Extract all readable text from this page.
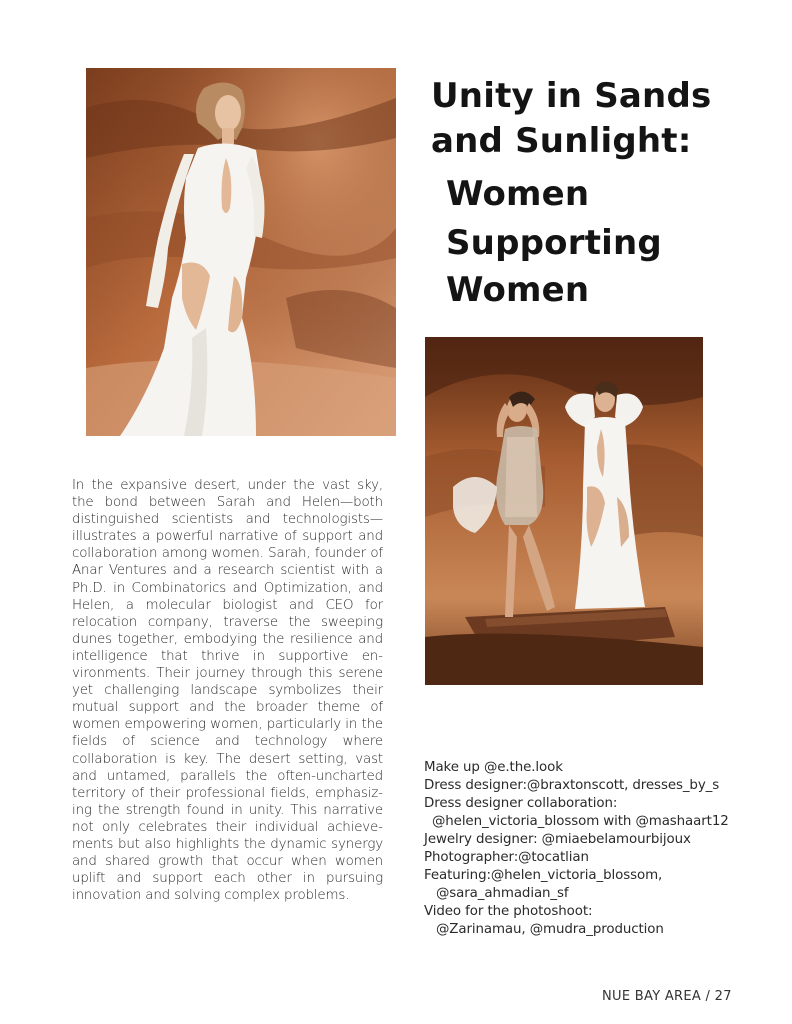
Unity in Sands
and Sunlight:
Women
Supporting
Women
In the expansive desert, under the vast sky, the bond between Sarah and Helen—both distinguished scientists and technologists—illustrates a powerful narrative of support and collaboration among women. Sarah, founder of Anar Ventures and a research scientist with a Ph.D. in Combinatorics and Optimization, and Helen, a molecular biologist and CEO for relocation company, traverse the sweeping dunes together, embodying the resilience and intelligence that thrive in supportive environments. Their journey through this serene yet challenging landscape symbolizes their mutual support and the broader theme of women empowering women, particularly in the fields of science and technology where collaboration is key. The desert setting, vast and untamed, parallels the often-uncharted territory of their professional fields, emphasizing the strength found in unity. This narrative not only celebrates their individual achievements but also highlights the dynamic synergy and shared growth that occur when women uplift and support each other in pursuing innovation and solving complex problems.
Make up @e.the.look
Dress designer:@braxtonscott, dresses_by_s
Dress designer collaboration:
@helen_victoria_blossom with @mashaart12
Jewelry designer: @miaebelamourbijoux
Photographer:@tocatlian
Featuring:@helen_victoria_blossom,
@sara_ahmadian_sf
Video for the photoshoot:
@Zarinamau, @mudra_production
NUE BAY AREA / 27
